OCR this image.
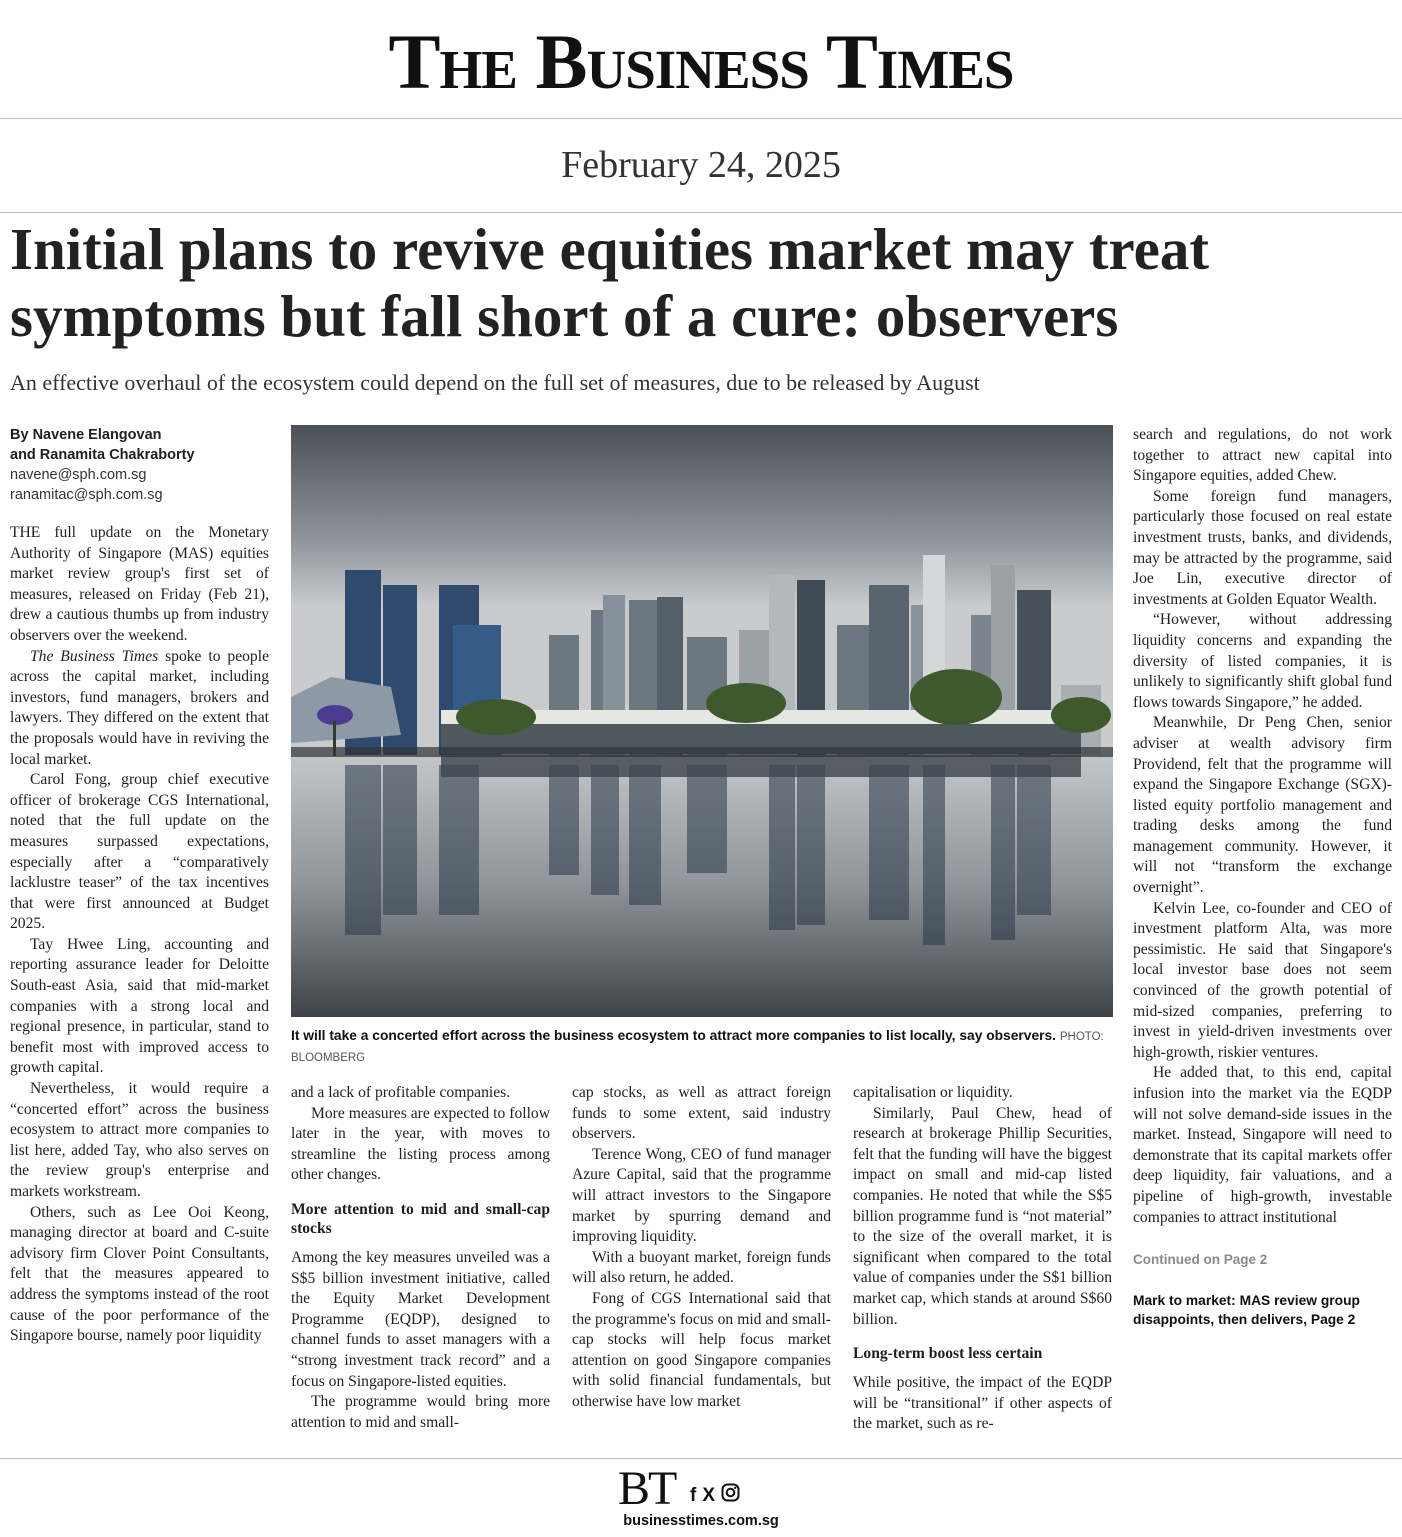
The Business Times
February 24, 2025
Initial plans to revive equities market may treat
symptoms but fall short of a cure: observers

An effective overhaul of the ecosystem could depend on the full set of measures, due to be released by August

By Navene Elangovan
and Ranamita Chakraborty
navene@sph.com.sg
ranamitac@sph.com.sg

THE full update on the Monetary Authority of Singapore (MAS) equities market review group's first set of measures, released on Friday (Feb 21), drew a cautious thumbs up from industry observers over the weekend.

The Business Times spoke to people across the capital market, including investors, fund managers, brokers and lawyers. They differed on the extent that the proposals would have in reviving the local market.

Carol Fong, group chief executive officer of brokerage CGS International, noted that the full update on the measures surpassed expectations, especially after a “comparatively lacklustre teaser” of the tax incentives that were first announced at Budget 2025.

Tay Hwee Ling, accounting and reporting assurance leader for Deloitte South-east Asia, said that mid-market companies with a strong local and regional presence, in particular, stand to benefit most with improved access to growth capital.

Nevertheless, it would require a “concerted effort” across the business ecosystem to attract more companies to list here, added Tay, who also serves on the review group's enterprise and markets workstream.

Others, such as Lee Ooi Keong, managing director at board and C-suite advisory firm Clover Point Consultants, felt that the measures appeared to address the symptoms instead of the root cause of the poor performance of the Singapore bourse, namely poor liquidity

It will take a concerted effort across the business ecosystem to attract more companies to list locally, say observers. PHOTO: BLOOMBERG

and a lack of profitable companies.

More measures are expected to follow later in the year, with moves to streamline the listing process among other changes.

More attention to mid and small-cap stocks

Among the key measures unveiled was a S$5 billion investment initiative, called the Equity Market Development Programme (EQDP), designed to channel funds to asset managers with a “strong investment track record” and a focus on Singapore-listed equities.

The programme would bring more attention to mid and small-

cap stocks, as well as attract foreign funds to some extent, said industry observers.

Terence Wong, CEO of fund manager Azure Capital, said that the programme will attract investors to the Singapore market by spurring demand and improving liquidity.

With a buoyant market, foreign funds will also return, he added.

Fong of CGS International said that the programme's focus on mid and small-cap stocks will help focus market attention on good Singapore companies with solid financial fundamentals, but otherwise have low market

capitalisation or liquidity.

Similarly, Paul Chew, head of research at brokerage Phillip Securities, felt that the funding will have the biggest impact on small and mid-cap listed companies. He noted that while the S$5 billion programme fund is “not material” to the size of the overall market, it is significant when compared to the total value of companies under the S$1 billion market cap, which stands at around S$60 billion.

Long-term boost less certain

While positive, the impact of the EQDP will be “transitional” if other aspects of the market, such as re-

search and regulations, do not work together to attract new capital into Singapore equities, added Chew.

Some foreign fund managers, particularly those focused on real estate investment trusts, banks, and dividends, may be attracted by the programme, said Joe Lin, executive director of investments at Golden Equator Wealth.

“However, without addressing liquidity concerns and expanding the diversity of listed companies, it is unlikely to significantly shift global fund flows towards Singapore,” he added.

Meanwhile, Dr Peng Chen, senior adviser at wealth advisory firm Providend, felt that the programme will expand the Singapore Exchange (SGX)-listed equity portfolio management and trading desks among the fund management community. However, it will not “transform the exchange overnight”.

Kelvin Lee, co-founder and CEO of investment platform Alta, was more pessimistic. He said that Singapore's local investor base does not seem convinced of the growth potential of mid-sized companies, preferring to invest in yield-driven investments over high-growth, riskier ventures.

He added that, to this end, capital infusion into the market via the EQDP will not solve demand-side issues in the market. Instead, Singapore will need to demonstrate that its capital markets offer deep liquidity, fair valuations, and a pipeline of high-growth, investable companies to attract institutional

Continued on Page 2
Mark to market: MAS review group disappoints, then delivers, Page 2
BT f X
businesstimes.com.sg
